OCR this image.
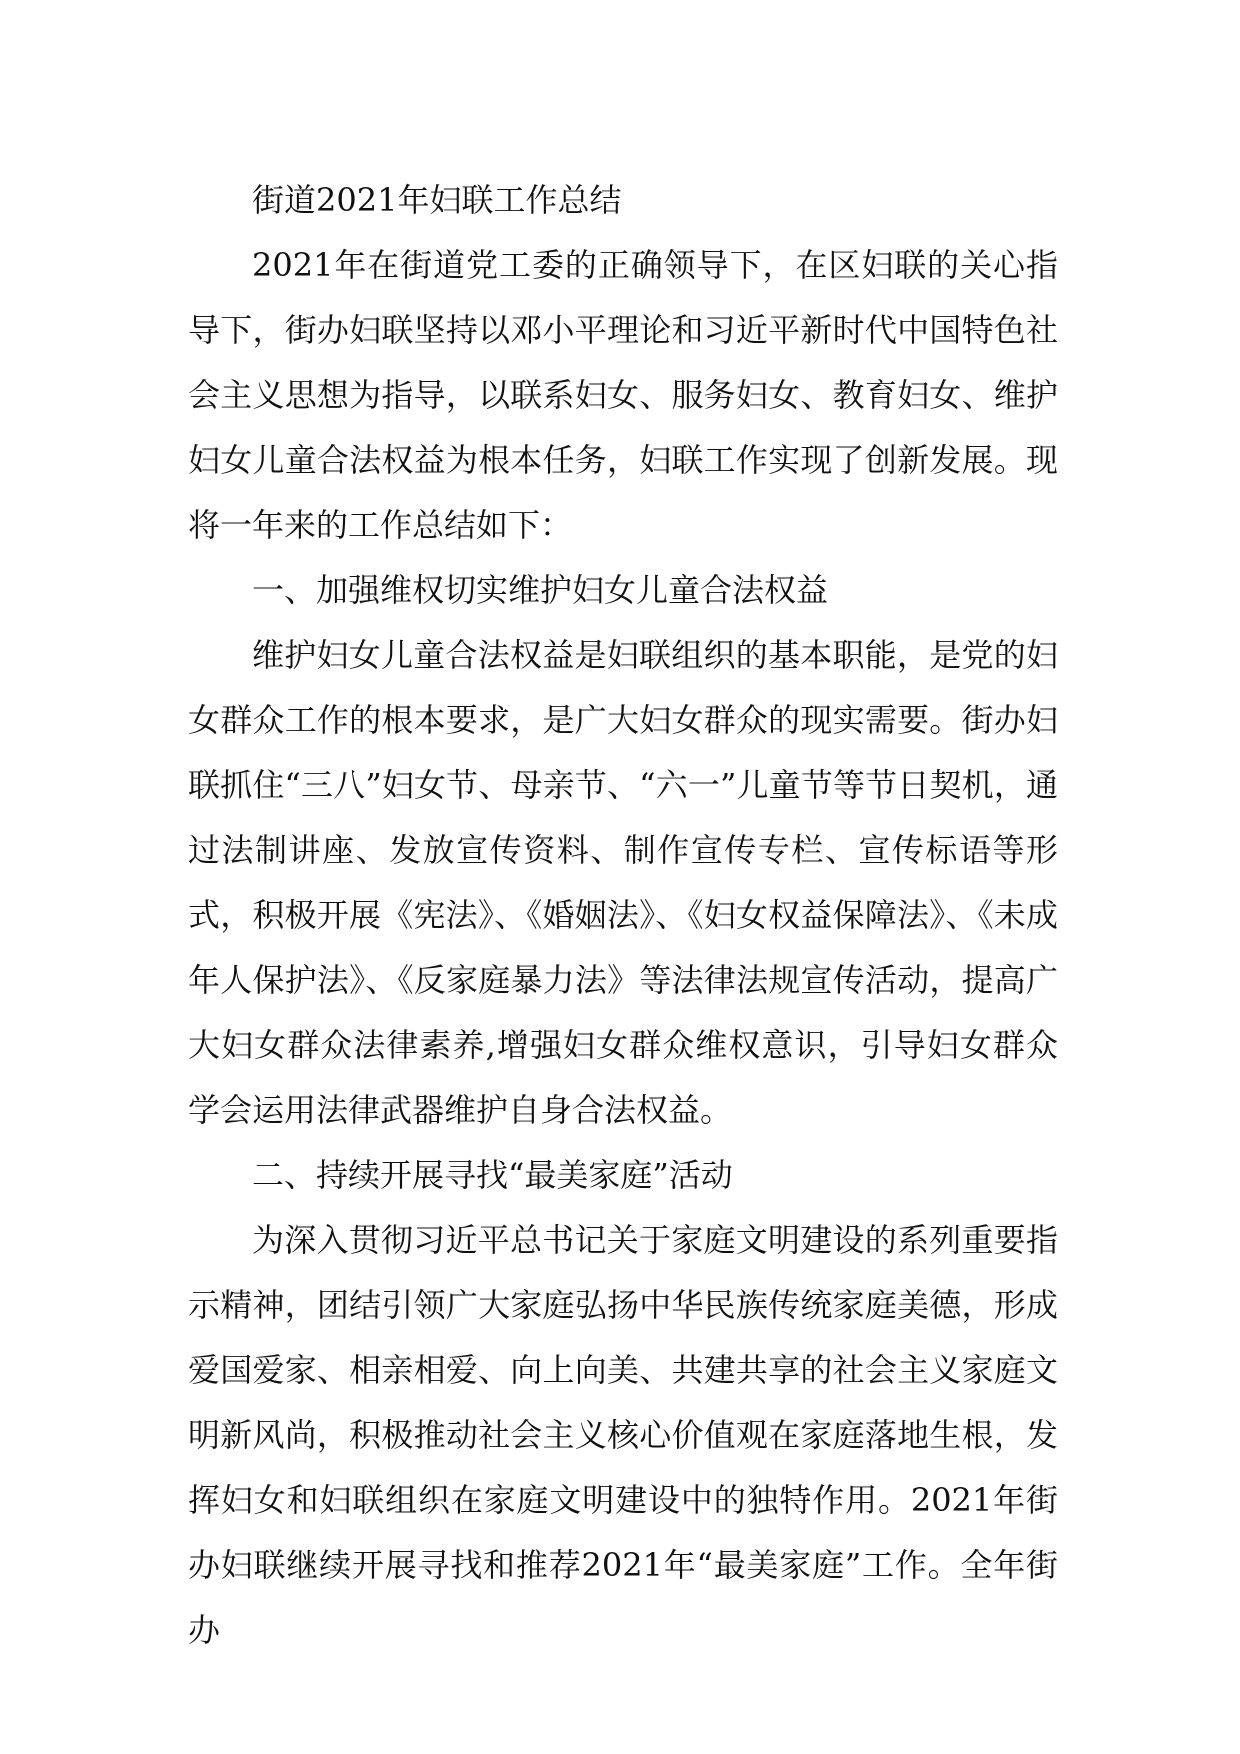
街道2021年妇联工作总结

2021年在街道党工委的正确领导下，在区妇联的关心指导下，街办妇联坚持以邓小平理论和习近平新时代中国特色社会主义思想为指导，以联系妇女、服务妇女、教育妇女、维护妇女儿童合法权益为根本任务，妇联工作实现了创新发展。现将一年来的工作总结如下：

一、加强维权切实维护妇女儿童合法权益

维护妇女儿童合法权益是妇联组织的基本职能，是党的妇女群众工作的根本要求，是广大妇女群众的现实需要。街办妇联抓住“三八”妇女节、母亲节、“六一”儿童节等节日契机，通过法制讲座、发放宣传资料、制作宣传专栏、宣传标语等形式，积极开展《宪法》、《婚姻法》、《妇女权益保障法》、《未成年人保护法》、《反家庭暴力法》等法律法规宣传活动，提高广大妇女群众法律素养,增强妇女群众维权意识，引导妇女群众学会运用法律武器维护自身合法权益。

二、持续开展寻找“最美家庭”活动

为深入贯彻习近平总书记关于家庭文明建设的系列重要指示精神，团结引领广大家庭弘扬中华民族传统家庭美德，形成爱国爱家、相亲相爱、向上向美、共建共享的社会主义家庭文明新风尚，积极推动社会主义核心价值观在家庭落地生根，发挥妇女和妇联组织在家庭文明建设中的独特作用。2021年街办妇联继续开展寻找和推荐2021年“最美家庭”工作。全年街办
